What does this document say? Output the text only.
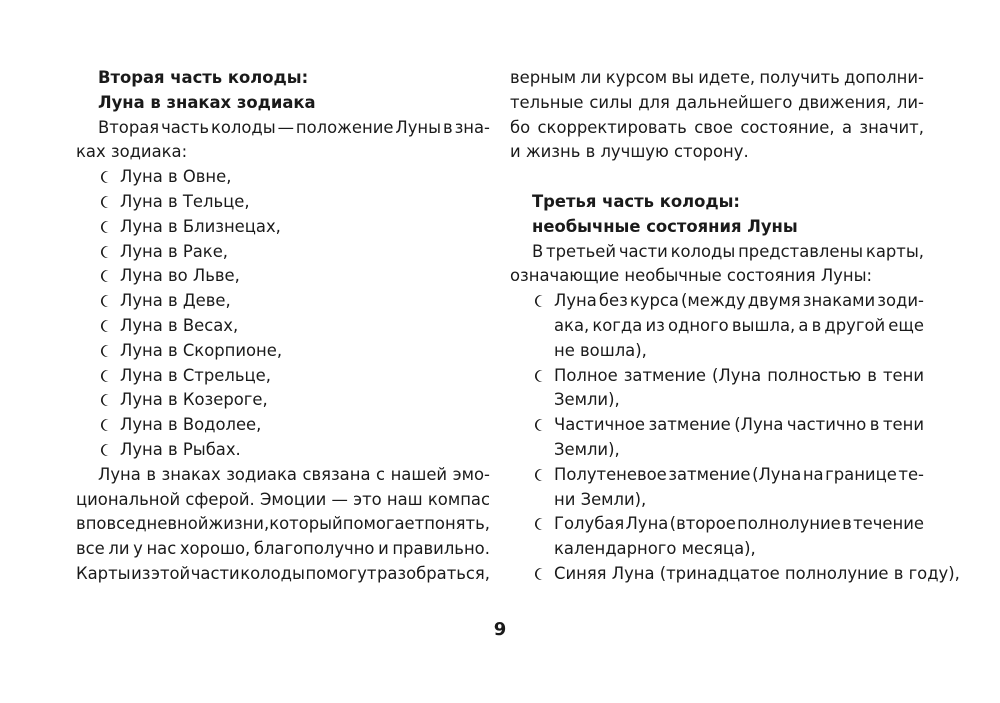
Вторая часть колоды:
Луна в знаках зодиака
Вторая часть колоды — положение Луны в зна-
ках зодиака:
Луна в Овне,
Луна в Тельце,
Луна в Близнецах,
Луна в Раке,
Луна во Льве,
Луна в Деве,
Луна в Весах,
Луна в Скорпионе,
Луна в Стрельце,
Луна в Козероге,
Луна в Водолее,
Луна в Рыбах.
Луна в знаках зодиака связана с нашей эмо-
циональной сферой. Эмоции — это наш компас
в повседневной жизни, который помогает понять,
все ли у нас хорошо, благополучно и правильно.
Карты из этой части колоды помогут разобраться,
верным ли курсом вы идете, получить дополни-
тельные силы для дальнейшего движения, ли-
бо скорректировать свое состояние, а значит,
и жизнь в лучшую сторону.
Третья часть колоды:
необычные состояния Луны
В третьей части колоды представлены карты,
означающие необычные состояния Луны:
Луна без курса (между двумя знаками зоди-
ака, когда из одного вышла, а в другой еще
не вошла),
Полное затмение (Луна полностью в тени
Земли),
Частичное затмение (Луна частично в тени
Земли),
Полутеневое затмение (Луна на границе те-
ни Земли),
Голубая Луна (второе полнолуние в течение
календарного месяца),
Синяя Луна (тринадцатое полнолуние в году),
9
